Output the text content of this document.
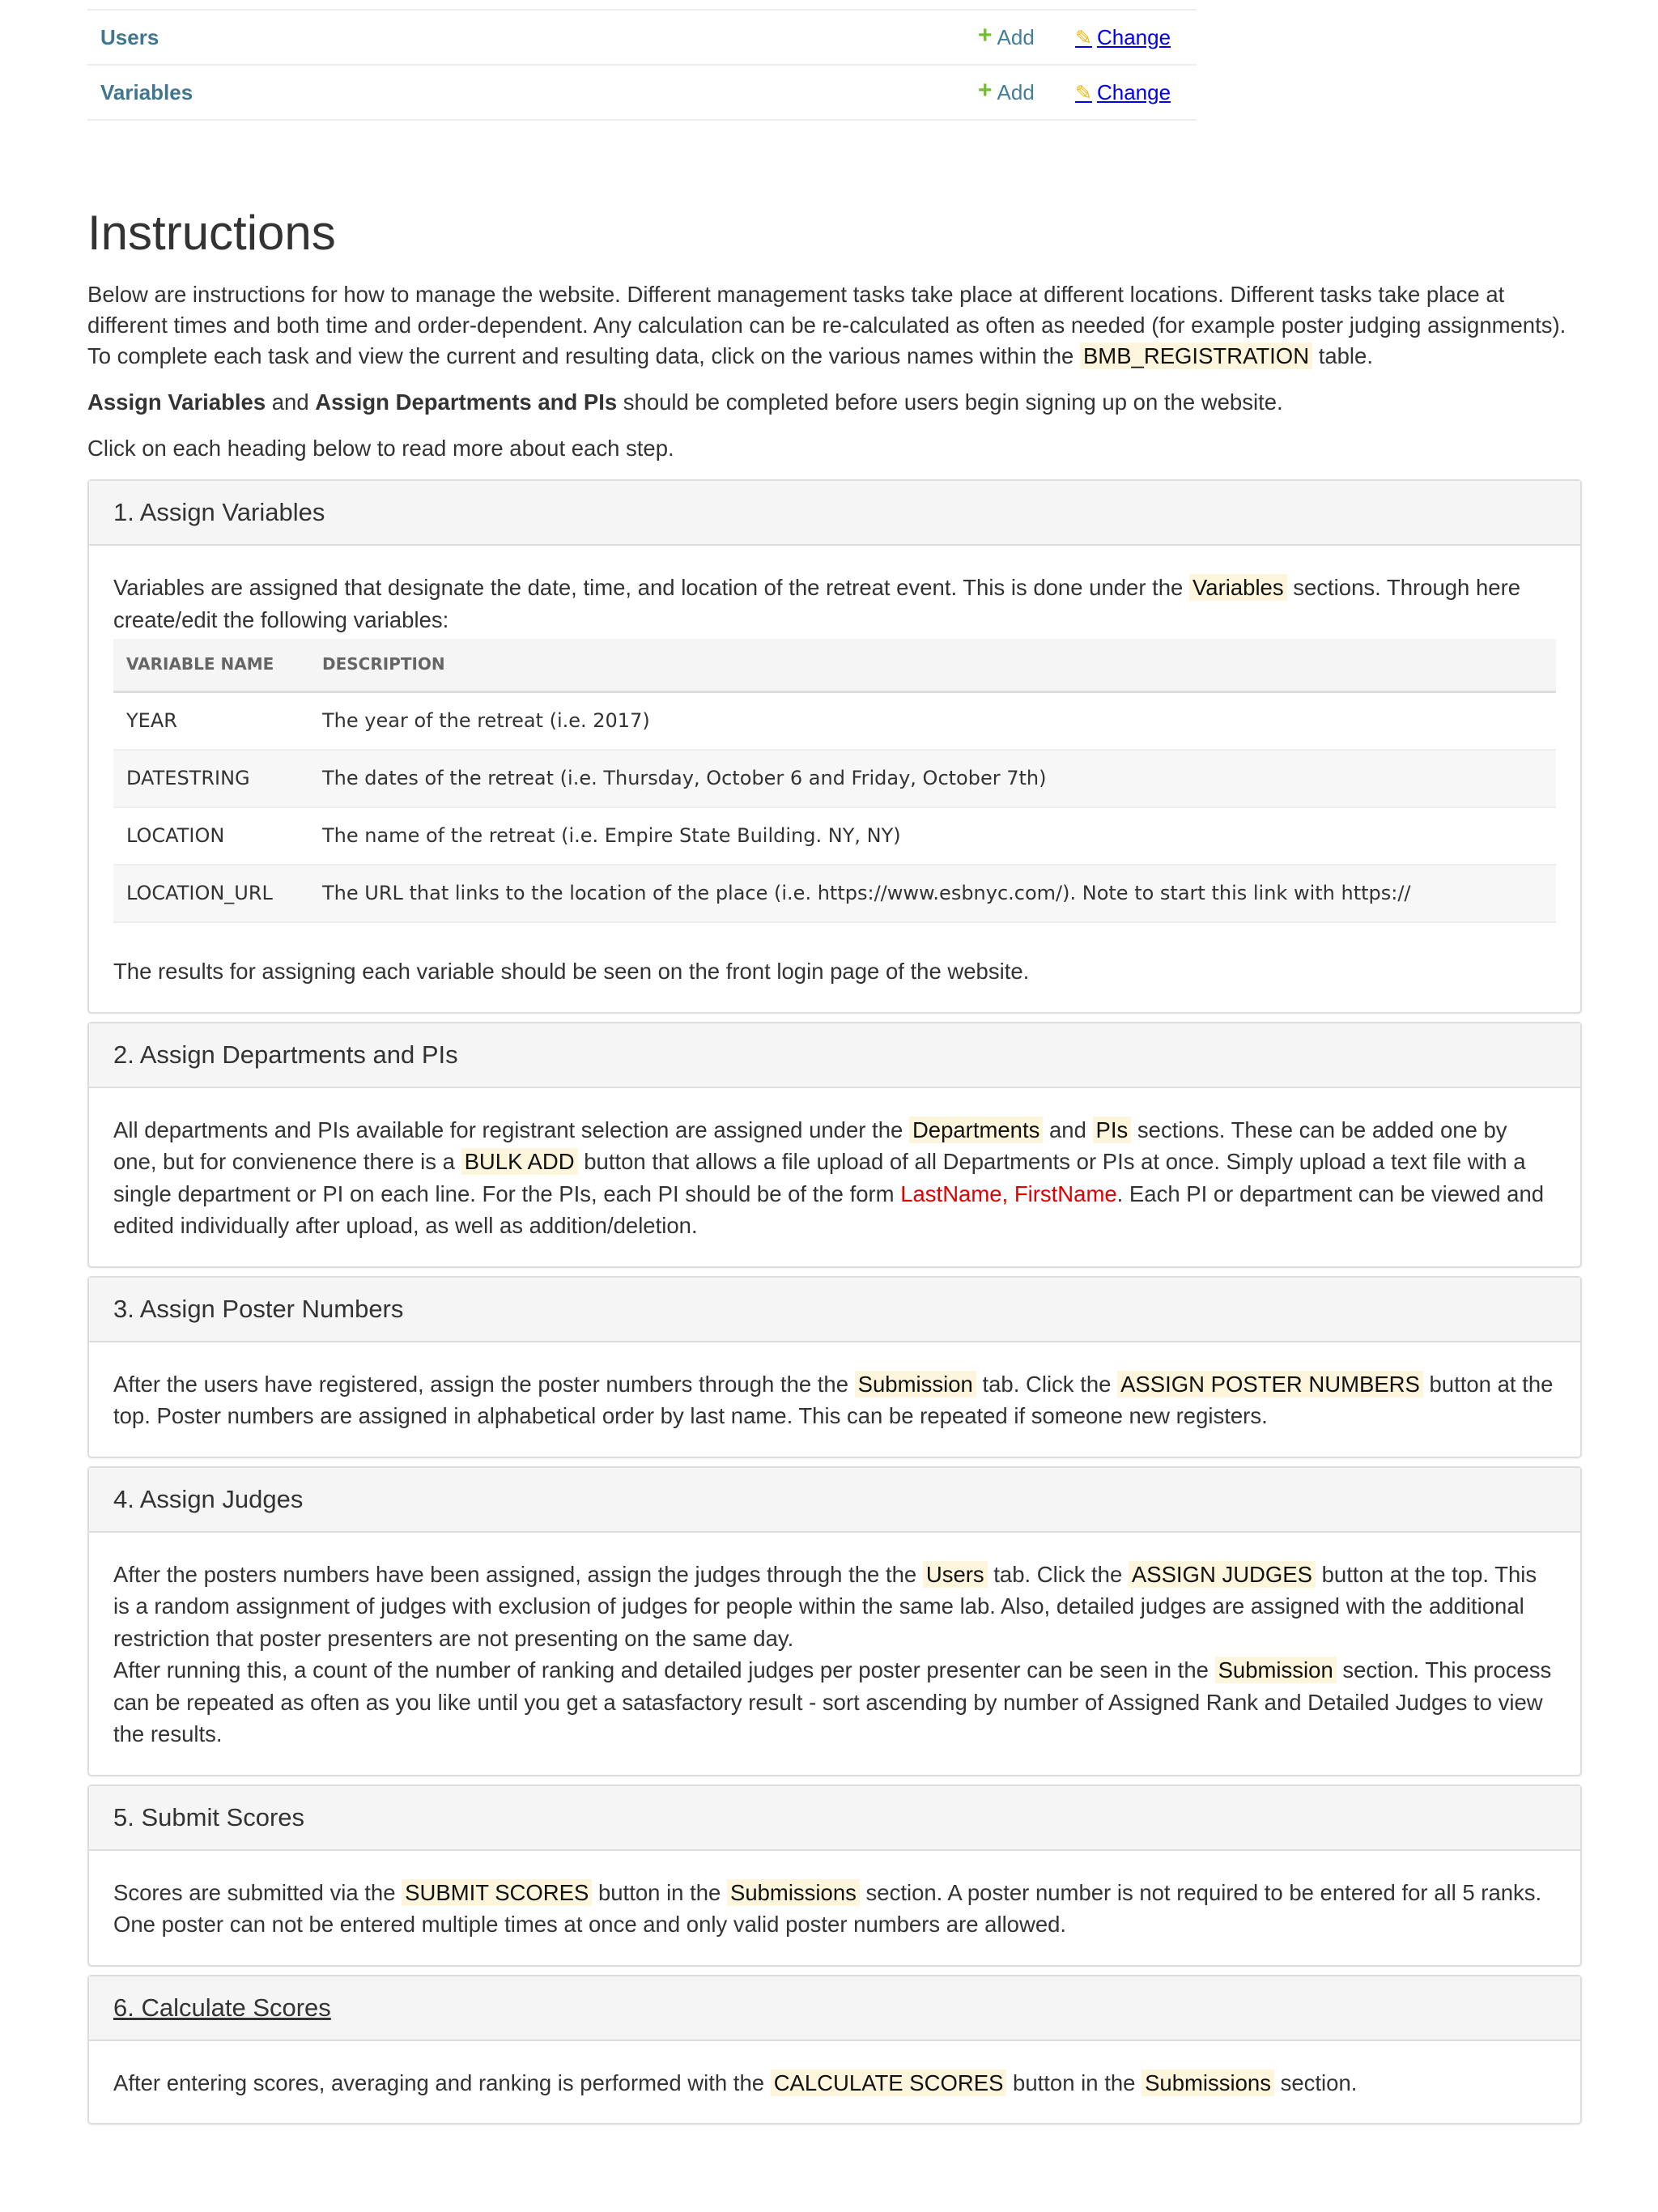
Users	+ Add	✎ Change
Variables	+ Add	✎ Change
Instructions

Below are instructions for how to manage the website. Different management tasks take place at different locations. Different tasks take place at different times and both time and order-dependent. Any calculation can be re-calculated as often as needed (for example poster judging assignments). To complete each task and view the current and resulting data, click on the various names within the BMB_REGISTRATION table.

Assign Variables and Assign Departments and PIs should be completed before users begin signing up on the website.

Click on each heading below to read more about each step.

1. Assign Variables

Variables are assigned that designate the date, time, and location of the retreat event. This is done under the Variables sections. Through here create/edit the following variables:

VARIABLE NAME	DESCRIPTION
YEAR	The year of the retreat (i.e. 2017)
DATESTRING	The dates of the retreat (i.e. Thursday, October 6 and Friday, October 7th)
LOCATION	The name of the retreat (i.e. Empire State Building. NY, NY)
LOCATION_URL	The URL that links to the location of the place (i.e. https://www.esbnyc.com/). Note to start this link with https://

The results for assigning each variable should be seen on the front login page of the website.

2. Assign Departments and PIs

All departments and PIs available for registrant selection are assigned under the Departments and PIs sections. These can be added one by one, but for convienence there is a BULK ADD button that allows a file upload of all Departments or PIs at once. Simply upload a text file with a single department or PI on each line. For the PIs, each PI should be of the form LastName, FirstName. Each PI or department can be viewed and edited individually after upload, as well as addition/deletion.

3. Assign Poster Numbers

After the users have registered, assign the poster numbers through the the Submission tab. Click the ASSIGN POSTER NUMBERS button at the top. Poster numbers are assigned in alphabetical order by last name. This can be repeated if someone new registers.

4. Assign Judges

After the posters numbers have been assigned, assign the judges through the the Users tab. Click the ASSIGN JUDGES button at the top. This is a random assignment of judges with exclusion of judges for people within the same lab. Also, detailed judges are assigned with the additional restriction that poster presenters are not presenting on the same day.
After running this, a count of the number of ranking and detailed judges per poster presenter can be seen in the Submission section. This process can be repeated as often as you like until you get a satasfactory result - sort ascending by number of Assigned Rank and Detailed Judges to view the results.

5. Submit Scores

Scores are submitted via the SUBMIT SCORES button in the Submissions section. A poster number is not required to be entered for all 5 ranks. One poster can not be entered multiple times at once and only valid poster numbers are allowed.

6. Calculate Scores

After entering scores, averaging and ranking is performed with the CALCULATE SCORES button in the Submissions section.
